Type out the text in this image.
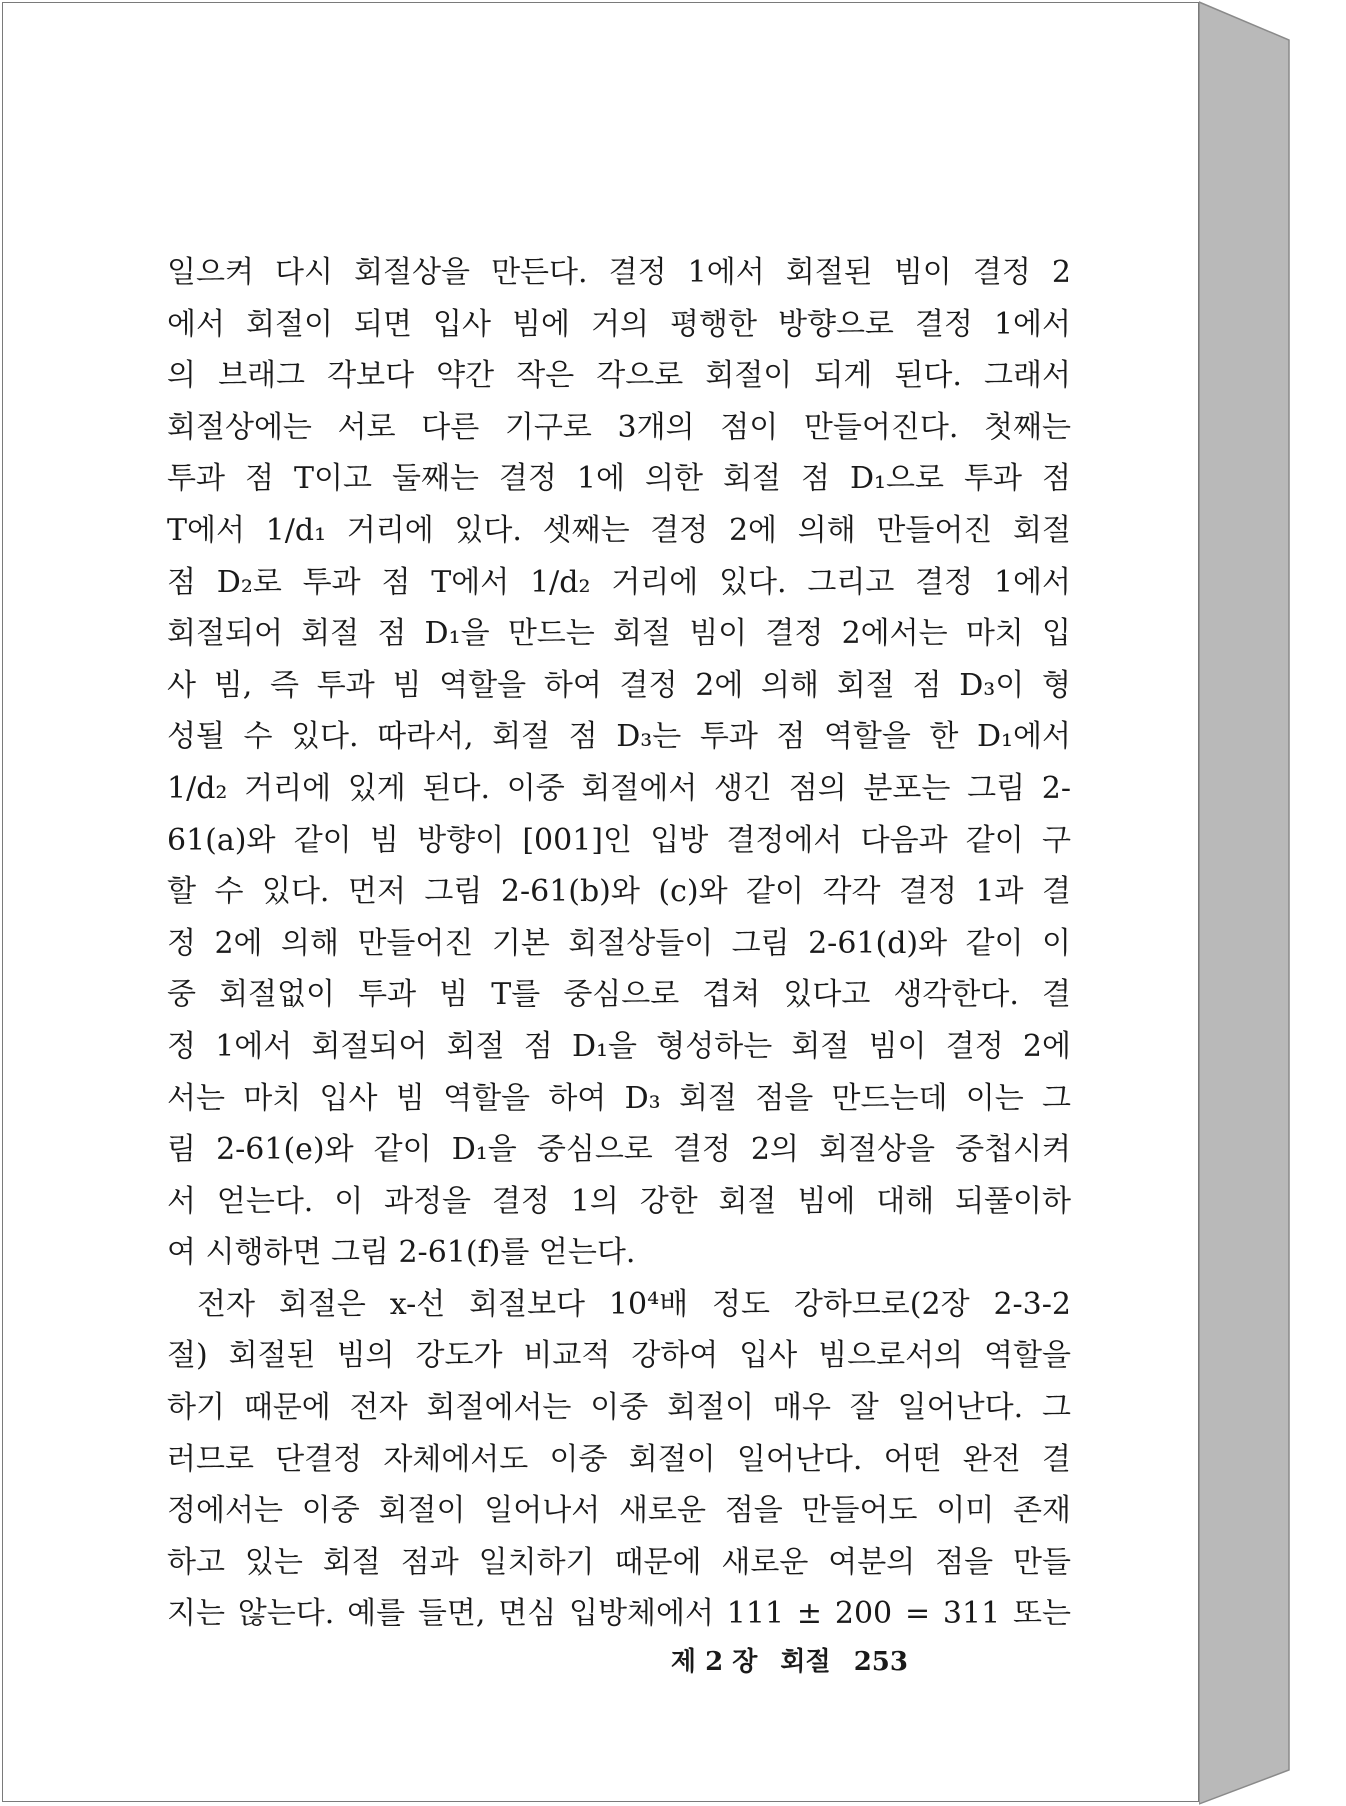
일으켜 다시 회절상을 만든다. 결정 1에서 회절된 빔이 결정 2
에서 회절이 되면 입사 빔에 거의 평행한 방향으로 결정 1에서
의 브래그 각보다 약간 작은 각으로 회절이 되게 된다. 그래서
회절상에는 서로 다른 기구로 3개의 점이 만들어진다. 첫째는
투과 점 T이고 둘째는 결정 1에 의한 회절 점 D₁으로 투과 점
T에서 1/d₁ 거리에 있다. 셋째는 결정 2에 의해 만들어진 회절
점 D₂로 투과 점 T에서 1/d₂ 거리에 있다. 그리고 결정 1에서
회절되어 회절 점 D₁을 만드는 회절 빔이 결정 2에서는 마치 입
사 빔, 즉 투과 빔 역할을 하여 결정 2에 의해 회절 점 D₃이 형
성될 수 있다. 따라서, 회절 점 D₃는 투과 점 역할을 한 D₁에서
1/d₂ 거리에 있게 된다. 이중 회절에서 생긴 점의 분포는 그림 2-
61(a)와 같이 빔 방향이 [001]인 입방 결정에서 다음과 같이 구
할 수 있다. 먼저 그림 2-61(b)와 (c)와 같이 각각 결정 1과 결
정 2에 의해 만들어진 기본 회절상들이 그림 2-61(d)와 같이 이
중 회절없이 투과 빔 T를 중심으로 겹쳐 있다고 생각한다. 결
정 1에서 회절되어 회절 점 D₁을 형성하는 회절 빔이 결정 2에
서는 마치 입사 빔 역할을 하여 D₃ 회절 점을 만드는데 이는 그
림 2-61(e)와 같이 D₁을 중심으로 결정 2의 회절상을 중첩시켜
서 얻는다. 이 과정을 결정 1의 강한 회절 빔에 대해 되풀이하
여 시행하면 그림 2-61(f)를 얻는다.
전자 회절은 x-선 회절보다 10⁴배 정도 강하므로(2장 2-3-2
절) 회절된 빔의 강도가 비교적 강하여 입사 빔으로서의 역할을
하기 때문에 전자 회절에서는 이중 회절이 매우 잘 일어난다. 그
러므로 단결정 자체에서도 이중 회절이 일어난다. 어떤 완전 결
정에서는 이중 회절이 일어나서 새로운 점을 만들어도 이미 존재
하고 있는 회절 점과 일치하기 때문에 새로운 여분의 점을 만들
지는 않는다. 예를 들면, 면심 입방체에서 111 ± 200 = 311 또는
제 2 장 회절 253
